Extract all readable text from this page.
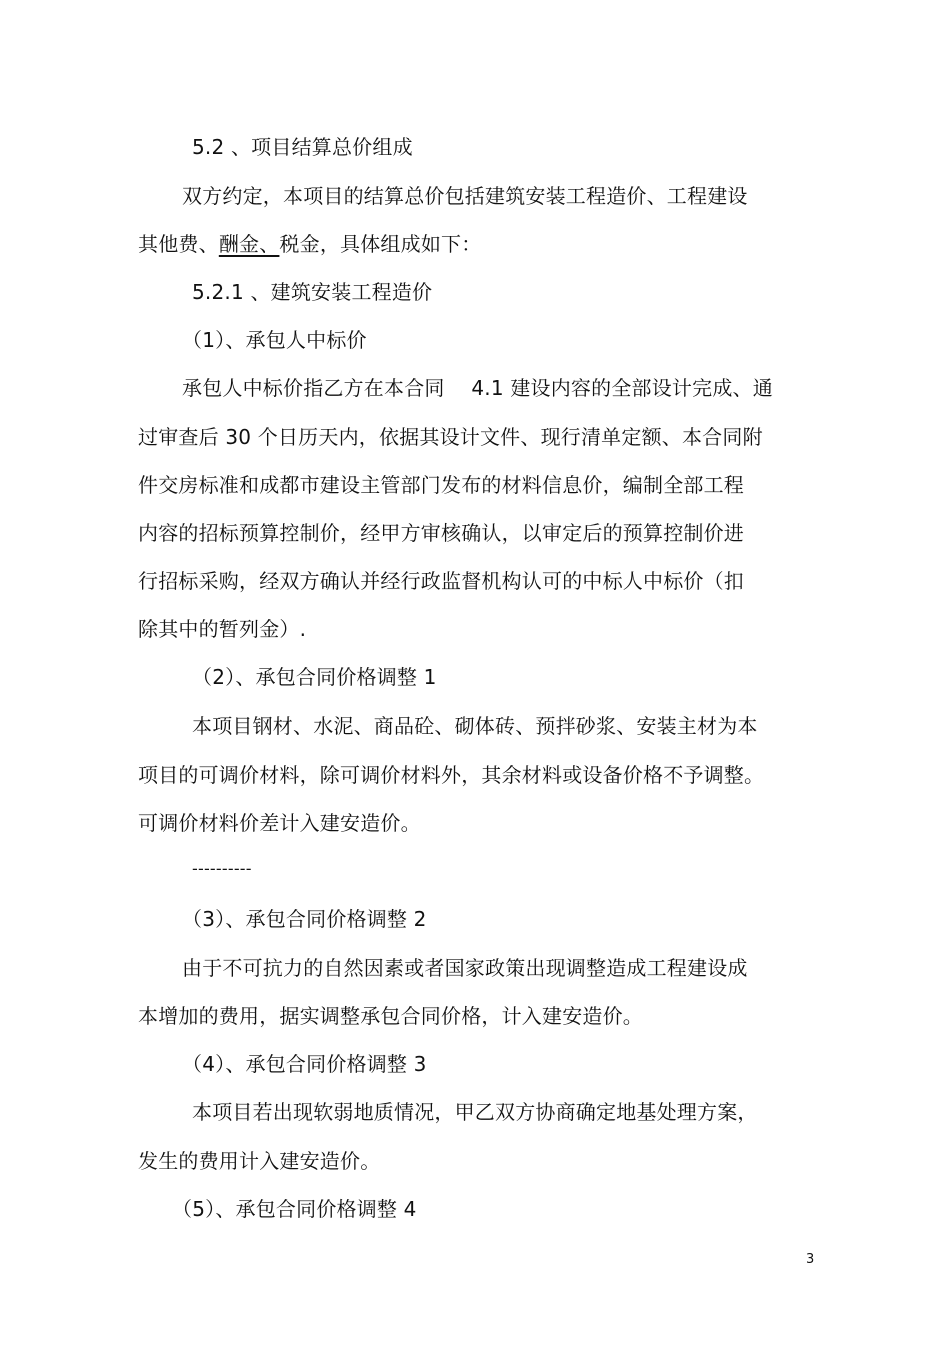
5.2 、项目结算总价组成
双方约定，本项目的结算总价包括建筑安装工程造价、工程建设
其他费、酬金、税金，具体组成如下：
5.2.1 、建筑安装工程造价
（1）、承包人中标价
承包人中标价指乙方在本合同　 4.1 建设内容的全部设计完成、通
过审查后 30 个日历天内，依据其设计文件、现行清单定额、本合同附
件交房标准和成都市建设主管部门发布的材料信息价，编制全部工程
内容的招标预算控制价，经甲方审核确认，以审定后的预算控制价进
行招标采购，经双方确认并经行政监督机构认可的中标人中标价（扣
除其中的暂列金）.
（2）、承包合同价格调整 1
本项目钢材、水泥、商品砼、砌体砖、预拌砂浆、安装主材为本
项目的可调价材料，除可调价材料外，其余材料或设备价格不予调整。
可调价材料价差计入建安造价。
----------
（3）、承包合同价格调整 2
由于不可抗力的自然因素或者国家政策出现调整造成工程建设成
本增加的费用，据实调整承包合同价格，计入建安造价。
（4）、承包合同价格调整 3
本项目若出现软弱地质情况，甲乙双方协商确定地基处理方案，
发生的费用计入建安造价。
（5）、承包合同价格调整 4
3
